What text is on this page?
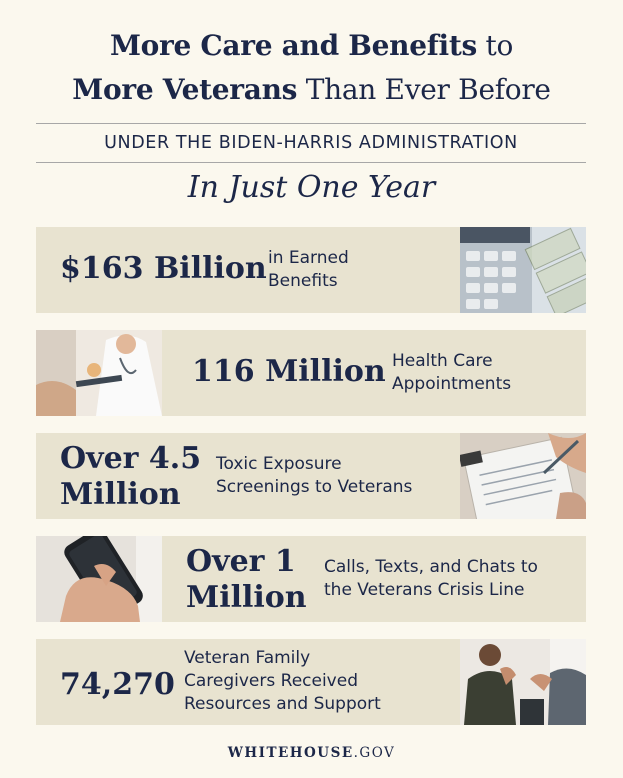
More Care and Benefits to
More Veterans Than Ever Before
UNDER THE BIDEN-HARRIS ADMINISTRATION
In Just One Year
$163 Billion in Earned
Benefits
116 Million Health Care
Appointments
Over 4.5
Million
Toxic Exposure
Screenings to Veterans
Over 1
Million
Calls, Texts, and Chats to
the Veterans Crisis Line
74,270
Veteran Family
Caregivers Received
Resources and Support
WHITEHOUSE.GOV
